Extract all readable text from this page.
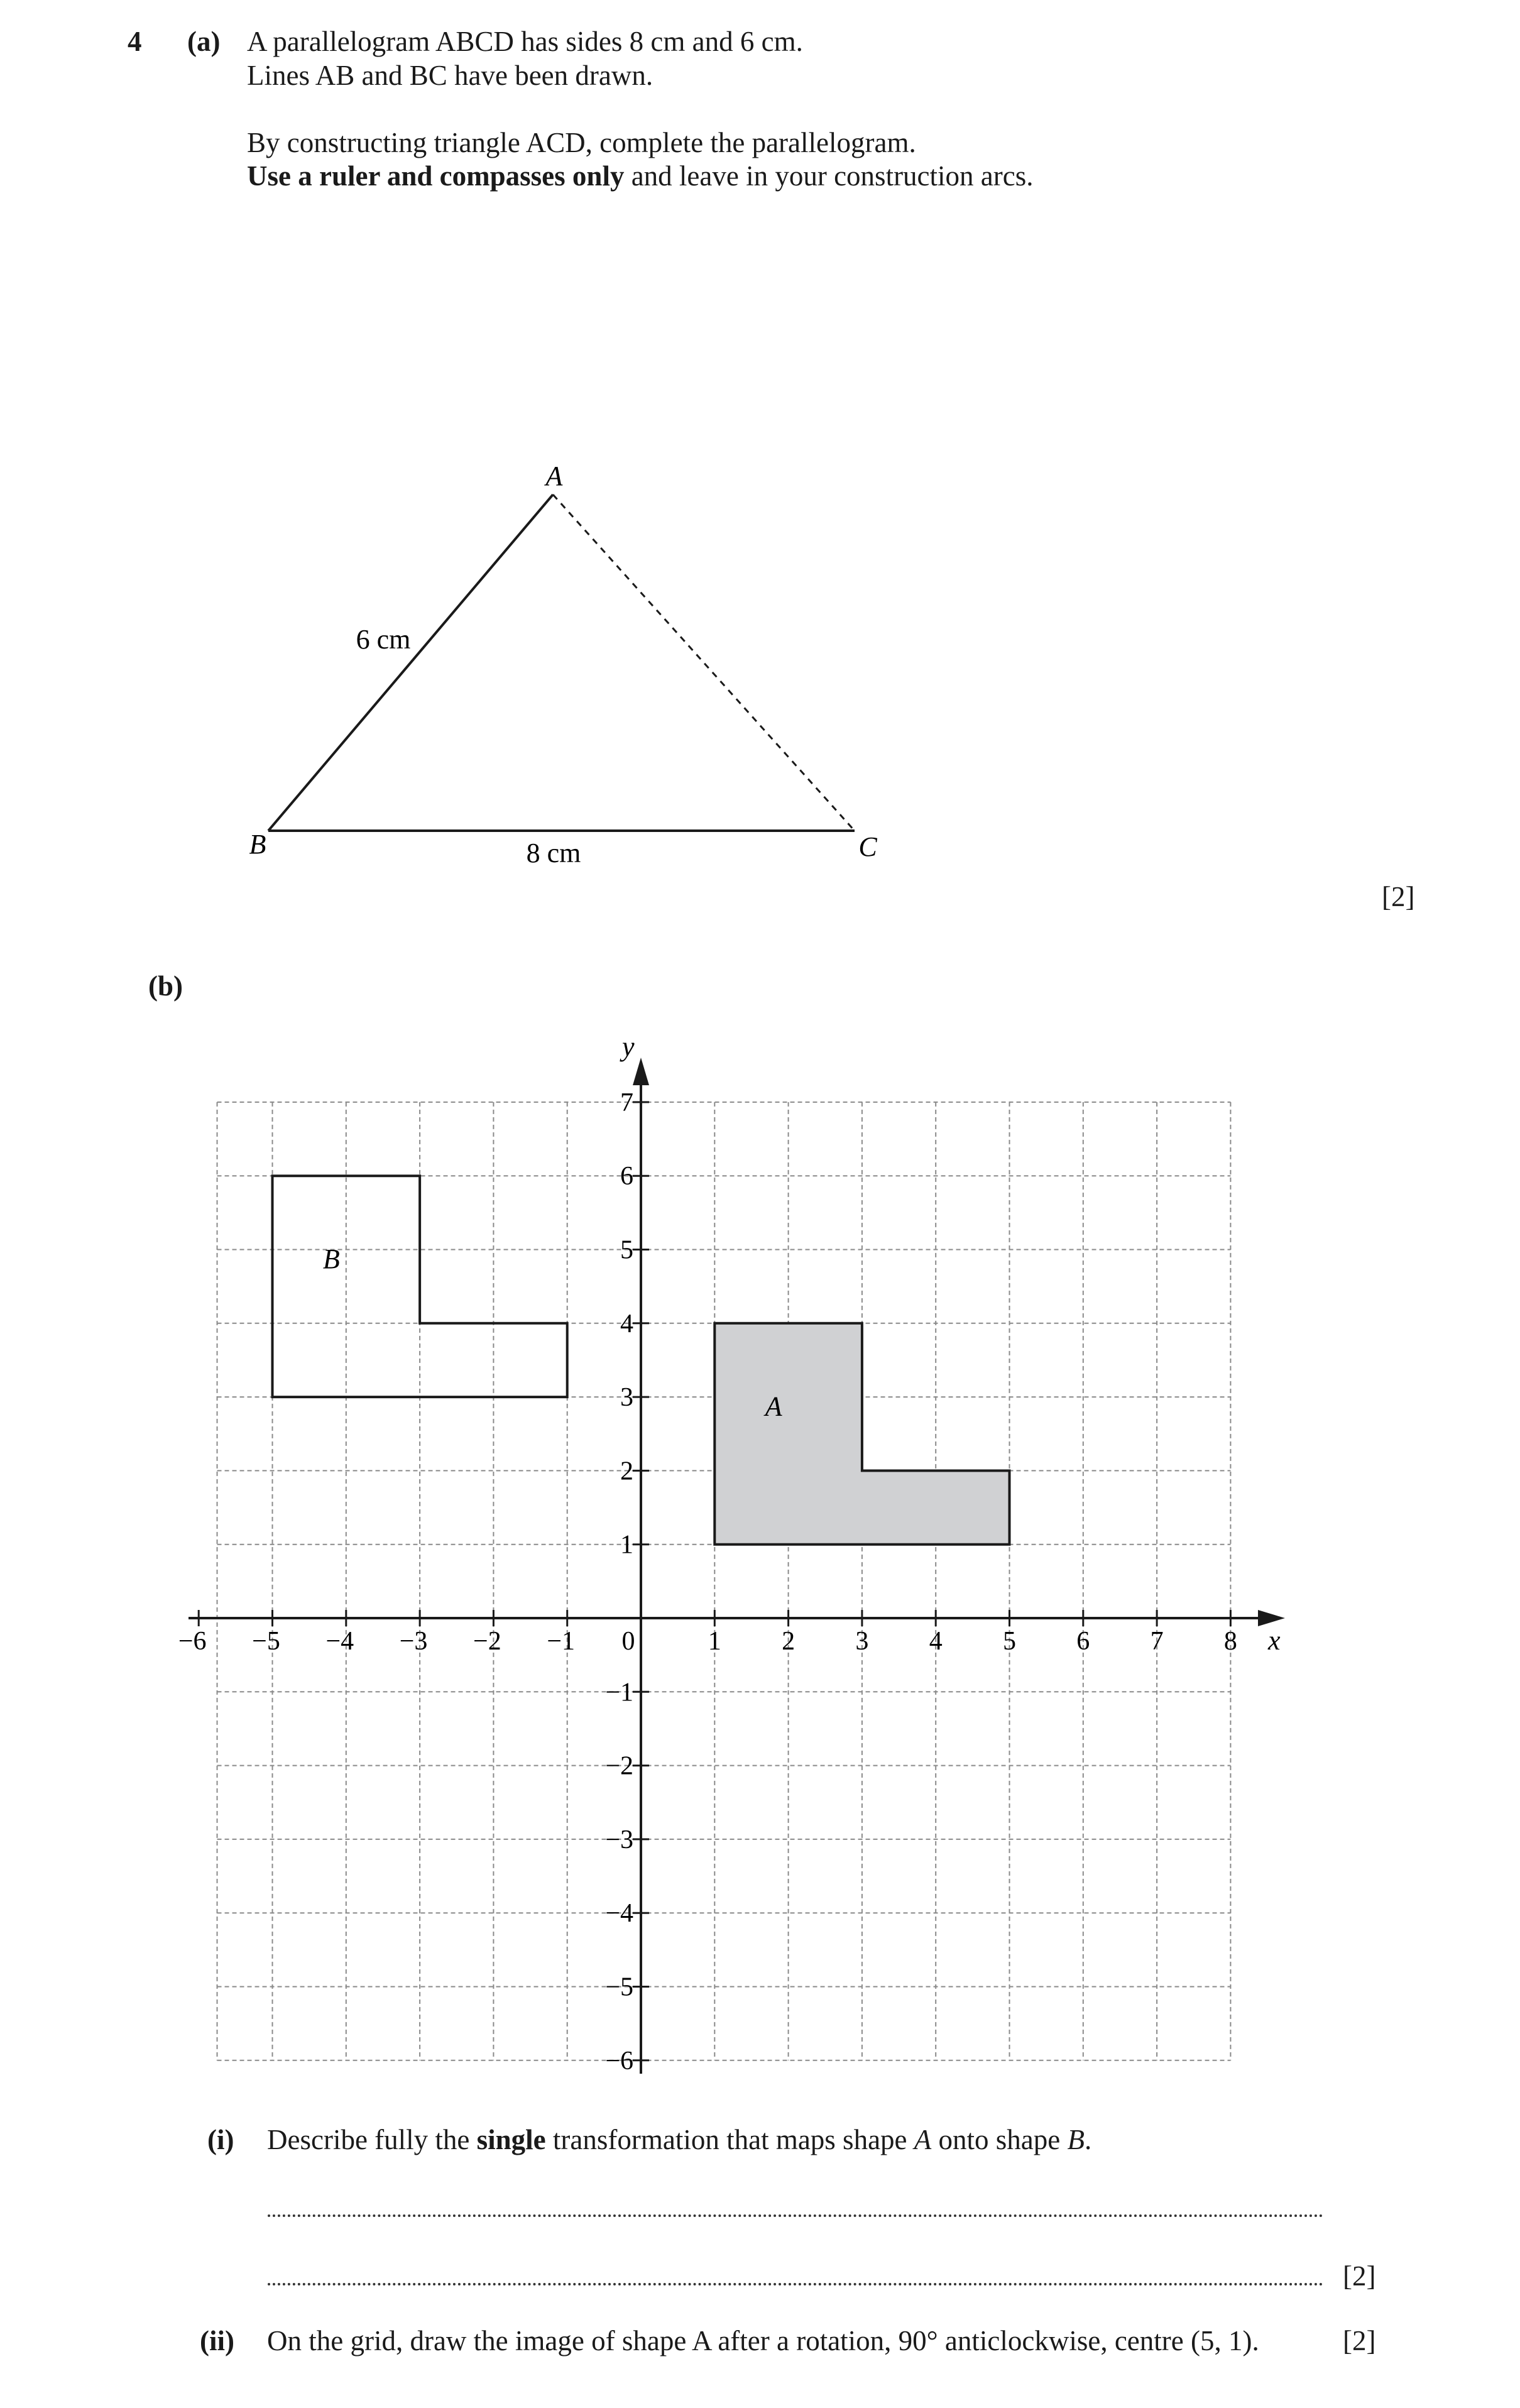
4 (a) A parallelogram ABCD has sides 8 cm and 6 cm.
Lines AB and BC have been drawn.
By constructing triangle ACD, complete the parallelogram.
Use a ruler and compasses only and leave in your construction arcs.
[2]
A
B	C
6 cm
8 cm
(b)
−6 −5 −4 −3 −2 −1	1 2 3 4 5 6 7 8
7
6
5
4
3
2
1
−1
−2
−3
−4
−5
−6
x
y
0
A
B
(i) Describe fully the single transformation that maps shape A onto shape B.
[2]
(ii) On the grid, draw the image of shape A after a rotation, 90° anticlockwise, centre (5, 1).	[2]
